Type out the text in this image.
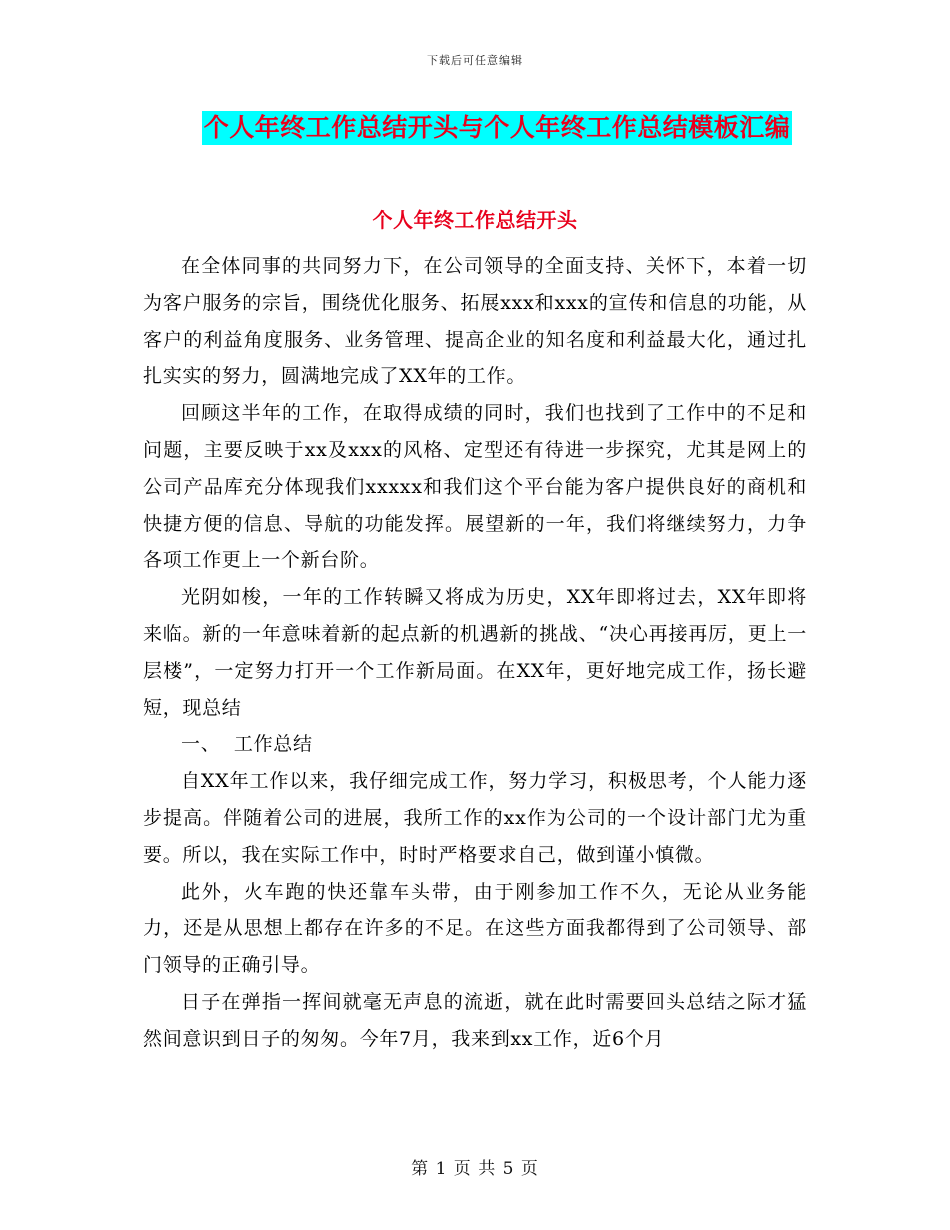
下载后可任意编辑
个人年终工作总结开头与个人年终工作总结模板汇编
个人年终工作总结开头

在全体同事的共同努力下，在公司领导的全面支持、关怀下，本着一切为客户服务的宗旨，围绕优化服务、拓展xxx和xxx的宣传和信息的功能，从客户的利益角度服务、业务管理、提高企业的知名度和利益最大化，通过扎扎实实的努力，圆满地完成了XX年的工作。

回顾这半年的工作，在取得成绩的同时，我们也找到了工作中的不足和问题，主要反映于xx及xxx的风格、定型还有待进一步探究，尤其是网上的公司产品库充分体现我们xxxxx和我们这个平台能为客户提供良好的商机和快捷方便的信息、导航的功能发挥。展望新的一年，我们将继续努力，力争各项工作更上一个新台阶。

光阴如梭，一年的工作转瞬又将成为历史，XX年即将过去，XX年即将来临。新的一年意味着新的起点新的机遇新的挑战、“决心再接再厉，更上一层楼”，一定努力打开一个工作新局面。在XX年，更好地完成工作，扬长避短，现总结

一、  工作总结

自XX年工作以来，我仔细完成工作，努力学习，积极思考，个人能力逐步提高。伴随着公司的进展，我所工作的xx作为公司的一个设计部门尤为重要。所以，我在实际工作中，时时严格要求自己，做到谨小慎微。

此外，火车跑的快还靠车头带，由于刚参加工作不久，无论从业务能力，还是从思想上都存在许多的不足。在这些方面我都得到了公司领导、部门领导的正确引导。

日子在弹指一挥间就毫无声息的流逝，就在此时需要回头总结之际才猛然间意识到日子的匆匆。今年7月，我来到xx工作，近6个月

第 1 页 共 5 页
